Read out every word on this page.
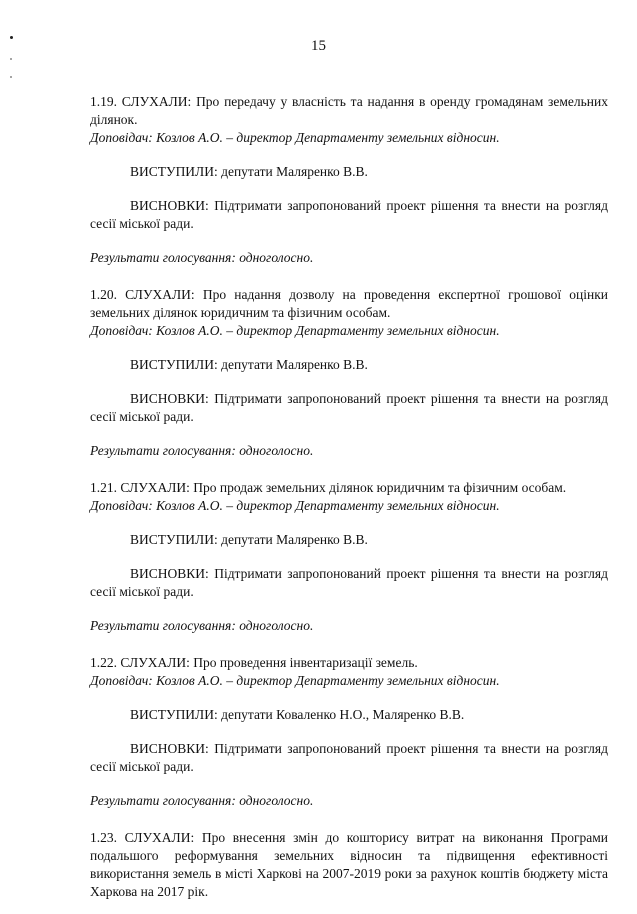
15

1.19. СЛУХАЛИ: Про передачу у власність та надання в оренду громадянам земельних ділянок.

Доповідач: Козлов А.О. – директор Департаменту земельних відносин.

ВИСТУПИЛИ: депутати Маляренко В.В.

ВИСНОВКИ: Підтримати запропонований проект рішення та внести на розгляд сесії міської ради.

Результати голосування: одноголосно.

1.20. СЛУХАЛИ: Про надання дозволу на проведення експертної грошової оцінки земельних ділянок юридичним та фізичним особам.

Доповідач: Козлов А.О. – директор Департаменту земельних відносин.

ВИСТУПИЛИ: депутати Маляренко В.В.

ВИСНОВКИ: Підтримати запропонований проект рішення та внести на розгляд сесії міської ради.

Результати голосування: одноголосно.

1.21. СЛУХАЛИ: Про продаж земельних ділянок юридичним та фізичним особам.

Доповідач: Козлов А.О. – директор Департаменту земельних відносин.

ВИСТУПИЛИ: депутати Маляренко В.В.

ВИСНОВКИ: Підтримати запропонований проект рішення та внести на розгляд сесії міської ради.

Результати голосування: одноголосно.

1.22. СЛУХАЛИ: Про проведення інвентаризації земель.

Доповідач: Козлов А.О. – директор Департаменту земельних відносин.

ВИСТУПИЛИ: депутати Коваленко Н.О., Маляренко В.В.

ВИСНОВКИ: Підтримати запропонований проект рішення та внести на розгляд сесії міської ради.

Результати голосування: одноголосно.

1.23. СЛУХАЛИ: Про внесення змін до кошторису витрат на виконання Програми подальшого реформування земельних відносин та підвищення ефективності використання земель в місті Харкові на 2007-2019 роки за рахунок коштів бюджету міста Харкова на 2017 рік.
